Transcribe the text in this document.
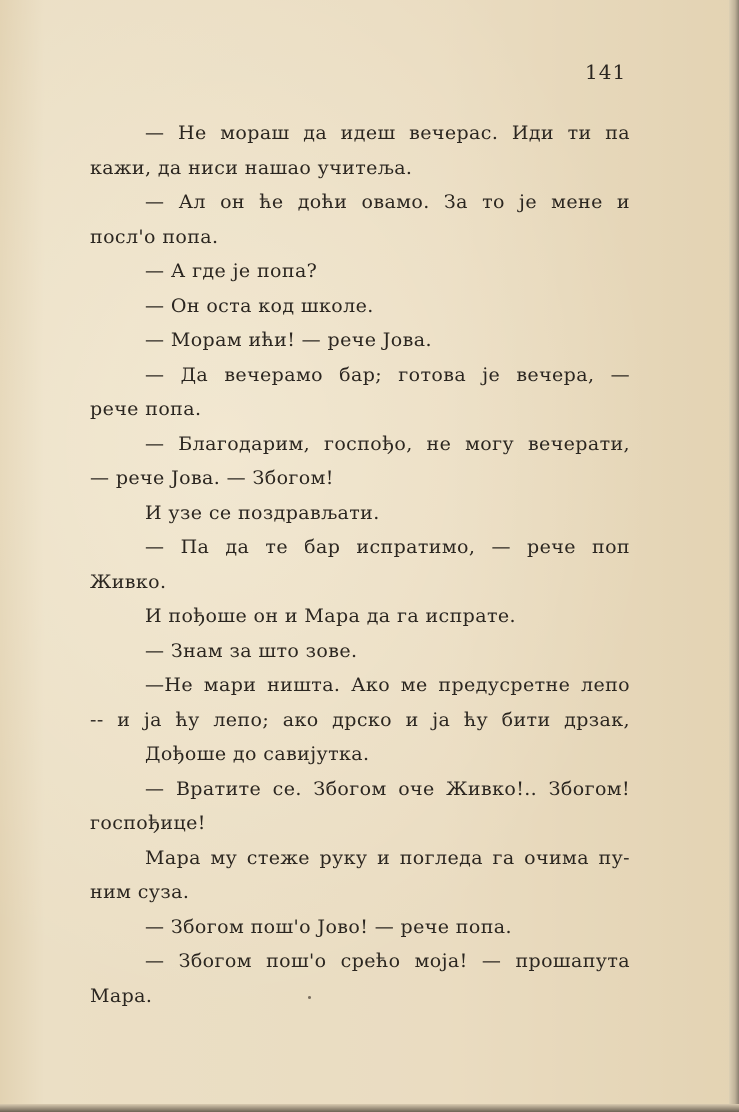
141
— Не мораш да идеш вечерас. Иди ти па
кажи, да ниси нашао учитеља.
— Ал он ће доћи овамо. За то је мене и
посл'о попа.
— А где је попа?
— Он оста код школе.
— Морам ићи! — рече Јова.
— Да вечерамо бар; готова је вечера, —
рече попа.
— Благодарим, госпођо, не могу вечерати,
— рече Јова. — Збогом!
И узе се поздрављати.
— Па да те бар испратимо, — рече поп
Живко.
И пођоше он и Мара да га испрате.
— Знам за што зове.
—Не мари ништа. Ако ме предусретне лепо
-- и ја ћу лепо; ако дрско и ја ћу бити дрзак,
Дођоше до савијутка.
— Вратите се. Збогом оче Живко!.. Збогом!
госпођице!
Мара му стеже руку и погледа га очима пу-
ним суза.
— Збогом пош'о Јово! — рече попа.
— Збогом пош'о срећо моја! — прошапута
Мара.
